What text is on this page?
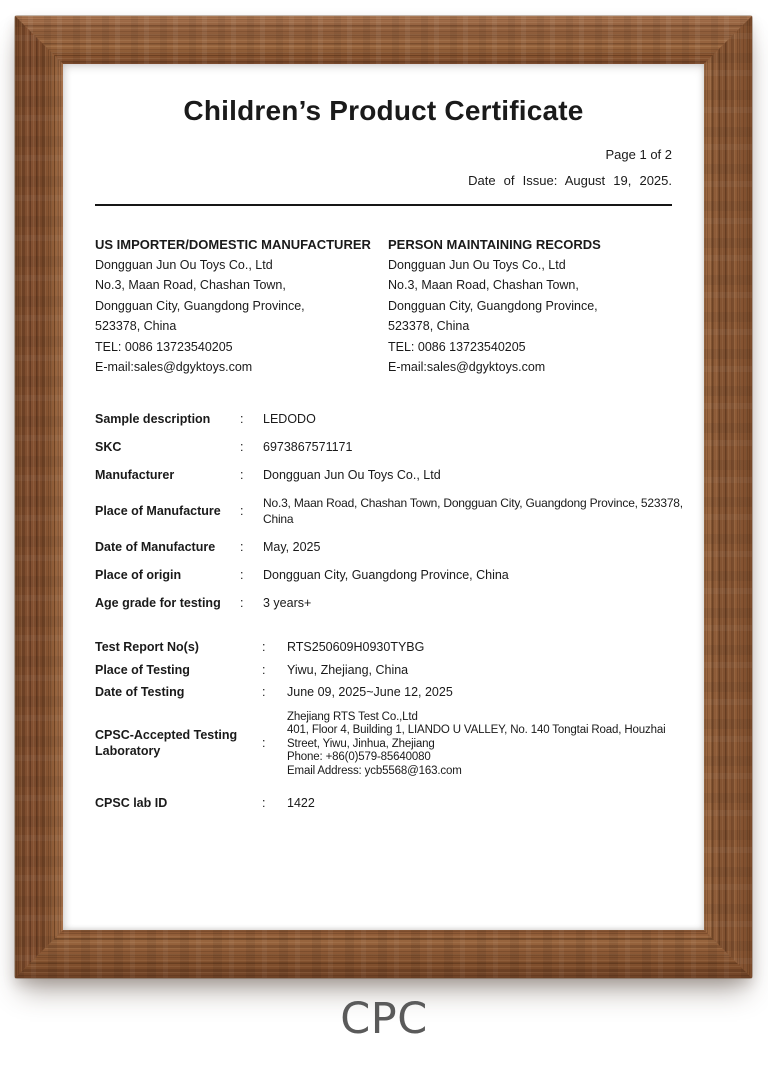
Children’s Product Certificate
Page 1 of 2
Date of Issue: August 19, 2025.
US IMPORTER/DOMESTIC MANUFACTURER
Dongguan Jun Ou Toys Co., Ltd
No.3, Maan Road, Chashan Town,
Dongguan City, Guangdong Province,
523378, China
TEL: 0086 13723540205
E-mail:sales@dgyktoys.com
PERSON MAINTAINING RECORDS
Dongguan Jun Ou Toys Co., Ltd
No.3, Maan Road, Chashan Town,
Dongguan City, Guangdong Province,
523378, China
TEL: 0086 13723540205
E-mail:sales@dgyktoys.com
Sample description	:	LEDODO
SKC	:	6973867571171
Manufacturer	:	Dongguan Jun Ou Toys Co., Ltd
Place of Manufacture	:
No.3, Maan Road, Chashan Town, Dongguan City, Guangdong Province, 523378,
China
Date of Manufacture	:	May, 2025
Place of origin	:	Dongguan City, Guangdong Province, China
Age grade for testing	:	3 years+
Test Report No(s)	:	RTS250609H0930TYBG
Place of Testing	:	Yiwu, Zhejiang, China
Date of Testing	:	June 09, 2025~June 12, 2025
CPSC-Accepted Testing Laboratory
:
Zhejiang RTS Test Co.,Ltd
401, Floor 4, Building 1, LIANDO U VALLEY, No. 140 Tongtai Road, Houzhai
Street, Yiwu, Jinhua, Zhejiang
Phone: +86(0)579-85640080
Email Address: ycb5568@163.com
CPSC lab ID	:	1422
CPC
